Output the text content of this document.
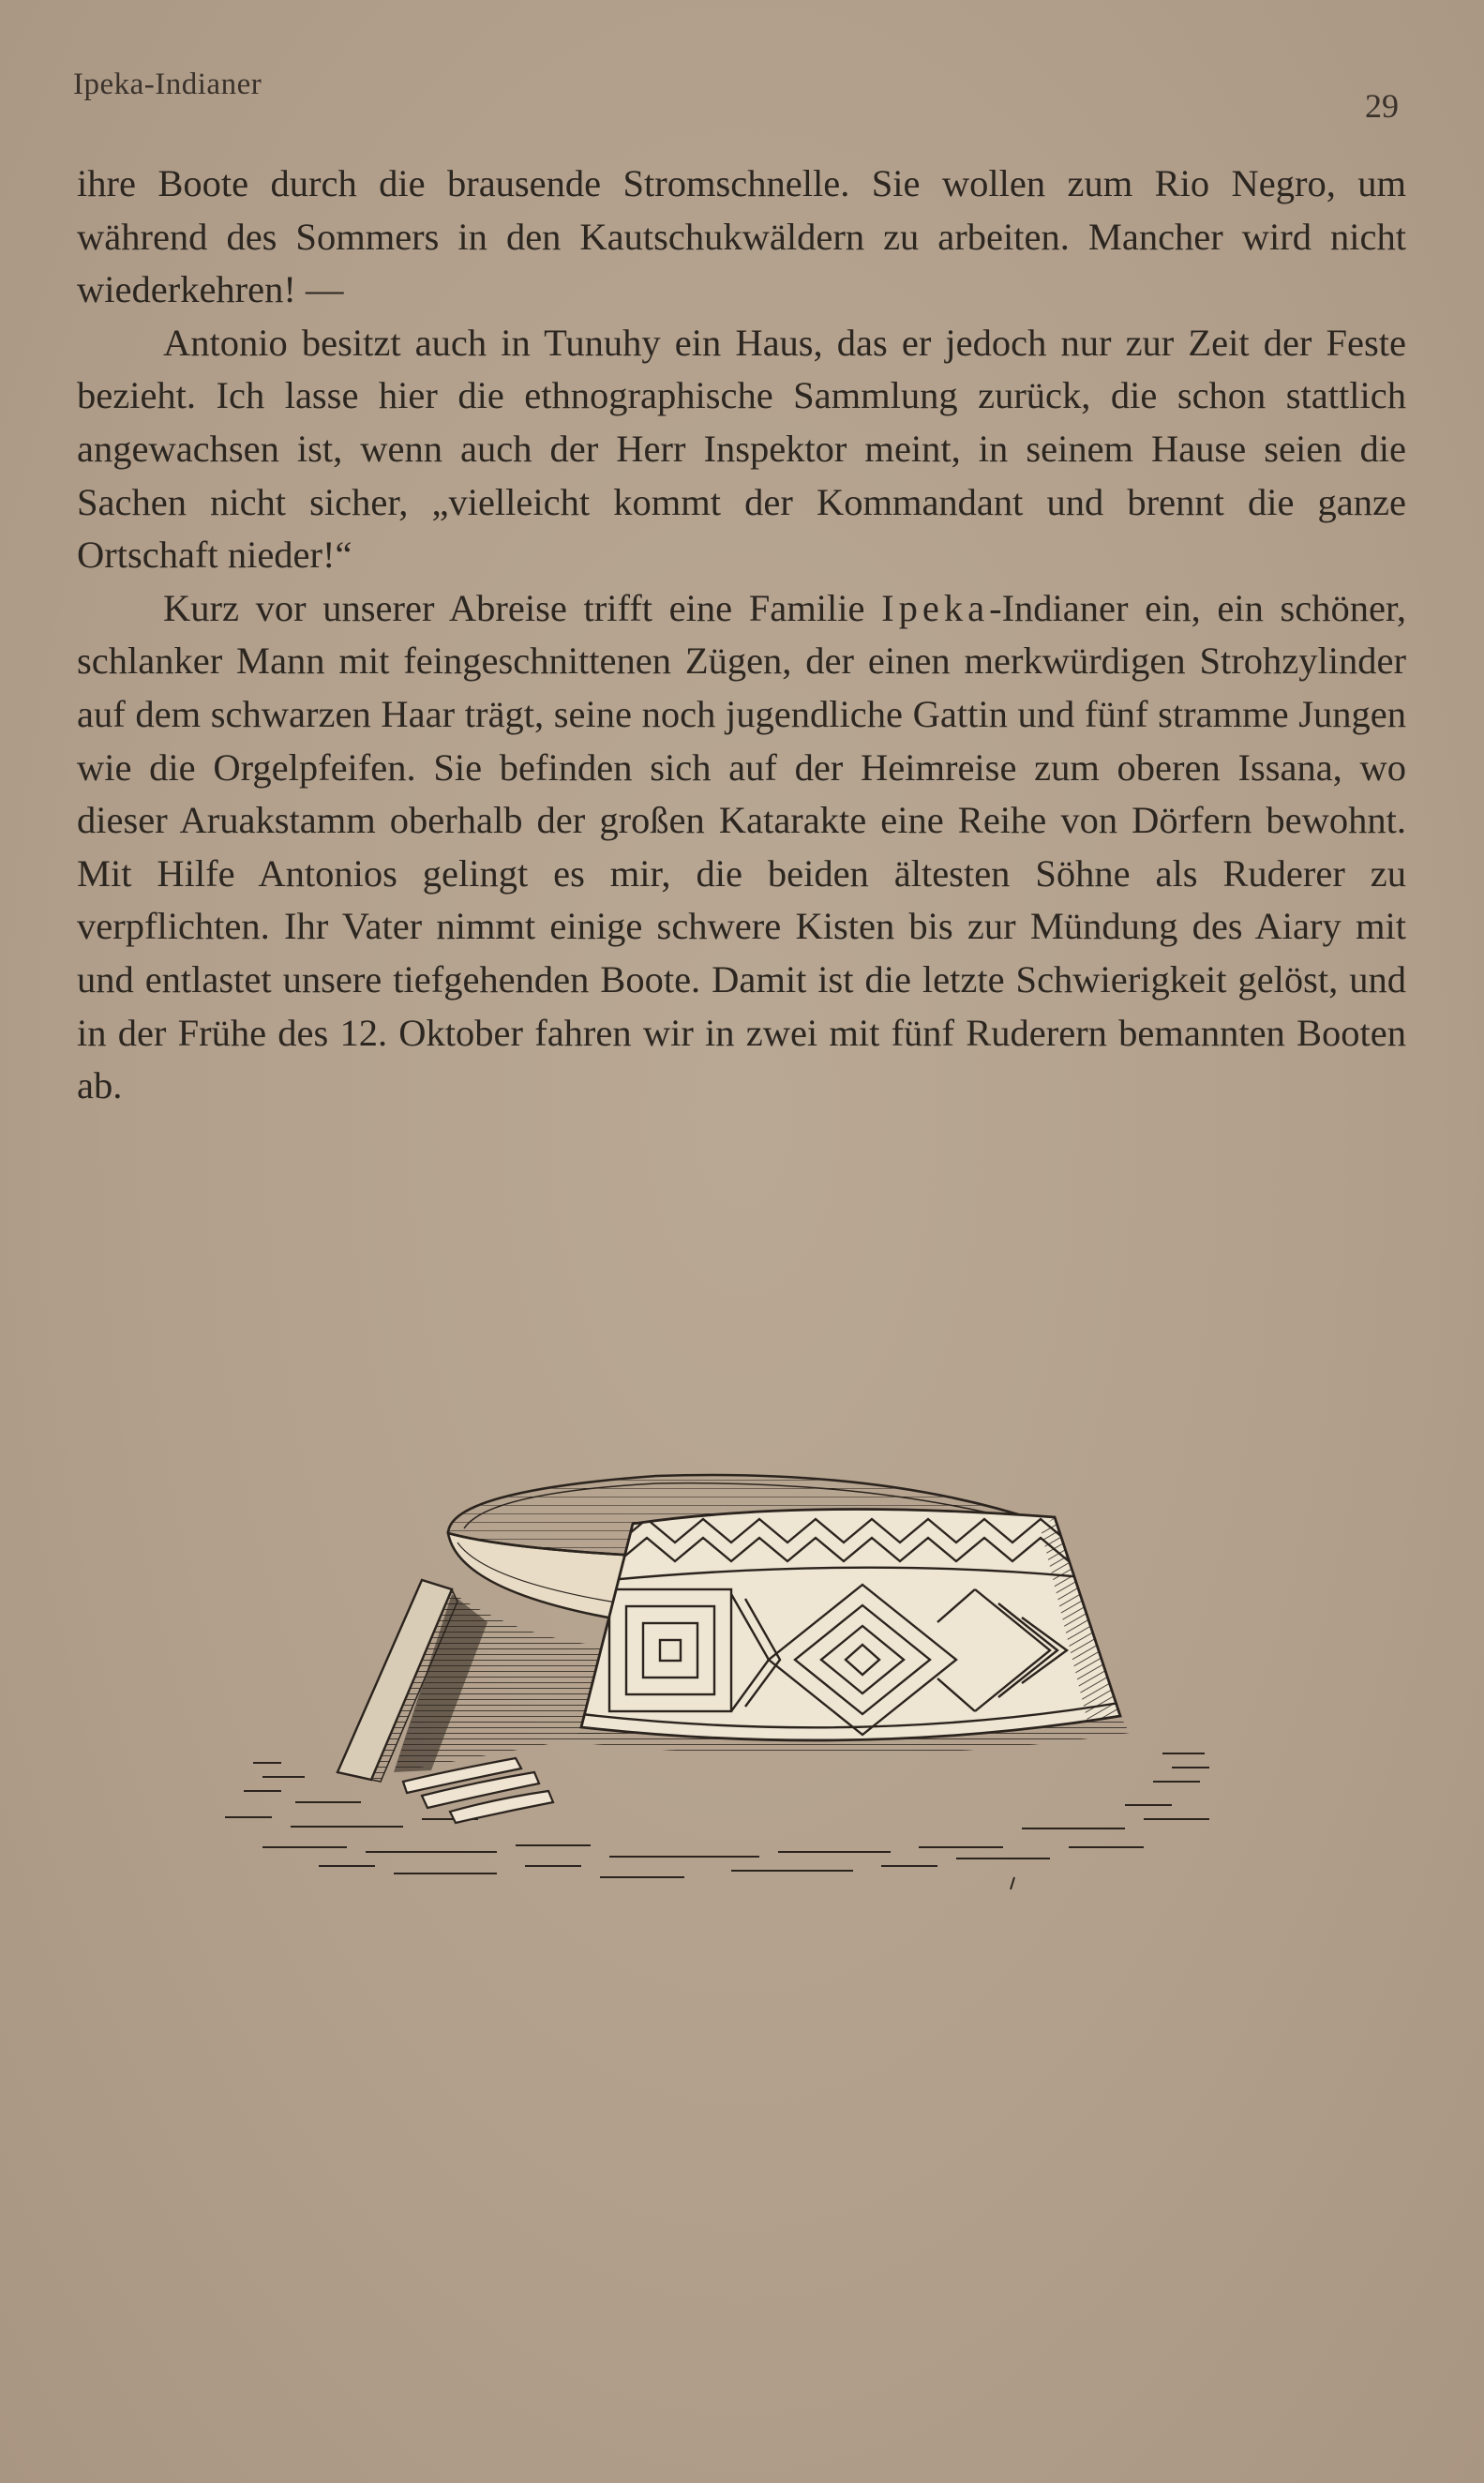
Ipeka-Indianer
29

ihre Boote durch die brausende Stromschnelle. Sie wollen zum Rio Negro, um während des Sommers in den Kautschukwäldern zu arbeiten. Mancher wird nicht wiederkehren! —

Antonio besitzt auch in Tunuhy ein Haus, das er jedoch nur zur Zeit der Feste bezieht. Ich lasse hier die ethnographische Sammlung zurück, die schon stattlich angewachsen ist, wenn auch der Herr Inspektor meint, in seinem Hause seien die Sachen nicht sicher, „vielleicht kommt der Kommandant und brennt die ganze Ortschaft nieder!“

Kurz vor unserer Abreise trifft eine Familie Ipeka-Indianer ein, ein schöner, schlanker Mann mit feingeschnittenen Zügen, der einen merkwürdigen Strohzylinder auf dem schwarzen Haar trägt, seine noch jugendliche Gattin und fünf stramme Jungen wie die Orgelpfeifen. Sie befinden sich auf der Heimreise zum oberen Issana, wo dieser Aruakstamm oberhalb der großen Katarakte eine Reihe von Dörfern bewohnt. Mit Hilfe Antonios gelingt es mir, die beiden ältesten Söhne als Ruderer zu verpflichten. Ihr Vater nimmt einige schwere Kisten bis zur Mündung des Aiary mit und entlastet unsere tiefgehenden Boote. Damit ist die letzte Schwierigkeit gelöst, und in der Frühe des 12. Oktober fahren wir in zwei mit fünf Ruderern bemannten Booten ab.
